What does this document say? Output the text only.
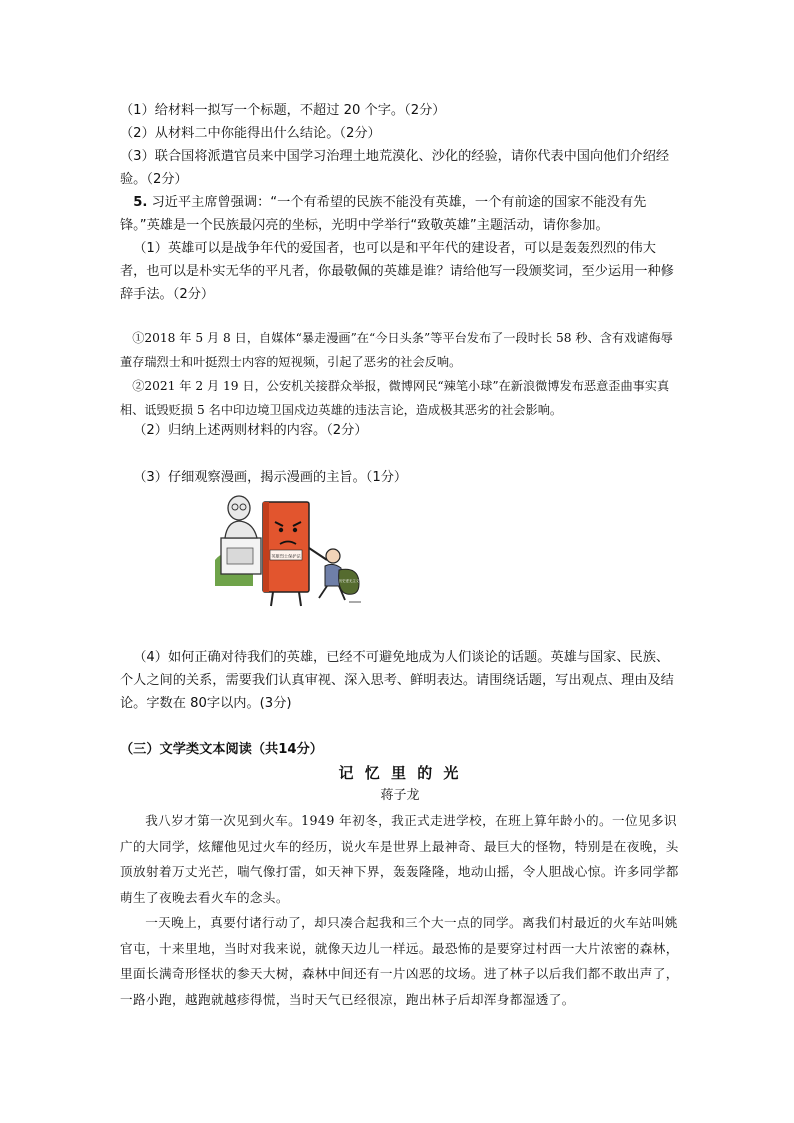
（1）给材料一拟写一个标题，不超过 20 个字。（2分）

（2）从材料二中你能得出什么结论。（2分）

（3）联合国将派遣官员来中国学习治理土地荒漠化、沙化的经验，请你代表中国向他们介绍经验。（2分）

5. 习近平主席曾强调：“一个有希望的民族不能没有英雄，一个有前途的国家不能没有先锋。”英雄是一个民族最闪亮的坐标，光明中学举行“致敬英雄”主题活动，请你参加。

（1）英雄可以是战争年代的爱国者，也可以是和平年代的建设者，可以是轰轰烈烈的伟大者，也可以是朴实无华的平凡者，你最敬佩的英雄是谁？请给他写一段颁奖词，至少运用一种修辞手法。（2分）

①2018 年 5 月 8 日，自媒体“暴走漫画”在“今日头条”等平台发布了一段时长 58 秒、含有戏谑侮辱董存瑞烈士和叶挺烈士内容的短视频，引起了恶劣的社会反响。

②2021 年 2 月 19 日，公安机关接群众举报，微博网民“辣笔小球”在新浪微博发布恶意歪曲事实真相、诋毁贬损 5 名中印边境卫国戍边英雄的违法言论，造成极其恶劣的社会影响。

（2）归纳上述两则材料的内容。（2分）

（3）仔细观察漫画，揭示漫画的主旨。（1分）

英雄烈士保护法
历史虚无主义

（4）如何正确对待我们的英雄，已经不可避免地成为人们谈论的话题。英雄与国家、民族、个人之间的关系，需要我们认真审视、深入思考、鲜明表达。请围绕话题，写出观点、理由及结论。字数在 80字以内。(3分)

（三）文学类文本阅读（共14分）

记 忆 里 的 光

蒋子龙

我八岁才第一次见到火车。1949 年初冬，我正式走进学校，在班上算年龄小的。一位见多识广的大同学，炫耀他见过火车的经历，说火车是世界上最神奇、最巨大的怪物，特别是在夜晚，头顶放射着万丈光芒，喘气像打雷，如天神下界，轰轰隆隆，地动山摇，令人胆战心惊。许多同学都萌生了夜晚去看火车的念头。

一天晚上，真要付诸行动了，却只凑合起我和三个大一点的同学。离我们村最近的火车站叫姚官屯，十来里地，当时对我来说，就像天边儿一样远。最恐怖的是要穿过村西一大片浓密的森林，里面长满奇形怪状的参天大树，森林中间还有一片凶恶的坟场。进了林子以后我们都不敢出声了，一路小跑，越跑就越疹得慌，当时天气已经很凉，跑出林子后却浑身都湿透了。
